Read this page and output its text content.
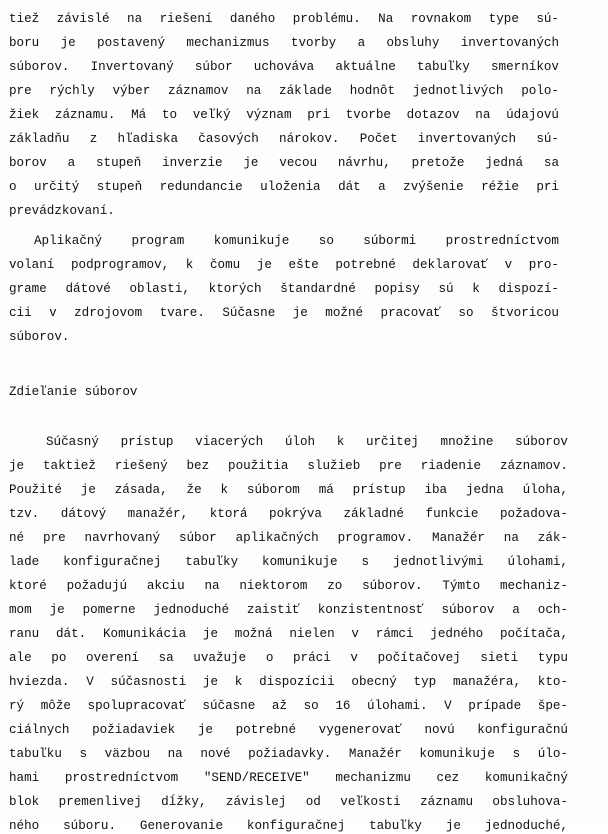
tiež závislé na riešení daného problému. Na rovnakom type sú-
boru je postavený mechanizmus tvorby a obsluhy invertovaných
súborov. Invertovaný súbor uchováva aktuálne tabuľky smerníkov
pre rýchly výber záznamov na základe hodnôt jednotlivých polo-
žiek záznamu. Má to veľký význam pri tvorbe dotazov na údajovú
základňu z hľadiska časových nárokov. Počet invertovaných sú-
borov a stupeň inverzie je vecou návrhu, pretože jedná sa
o určitý stupeň redundancie uloženia dát a zvýšenie réžie pri
prevádzkovaní.
Aplikačný program komunikuje so súbormi prostredníctvom
volaní podprogramov, k čomu je ešte potrebné deklarovať v pro-
grame dátové oblasti, ktorých štandardné popisy sú k dispozí-
cii v zdrojovom tvare. Súčasne je možné pracovať so štvoricou
súborov.
Zdieľanie súborov
Súčasný prístup viacerých úloh k určitej množine súborov
je taktiež riešený bez použitia služieb pre riadenie záznamov.
Použité je zásada, že k súborom má prístup iba jedna úloha,
tzv. dátový manažér, ktorá pokrýva základné funkcie požadova-
né pre navrhovaný súbor aplikačných programov. Manažér na zák-
lade konfiguračnej tabuľky komunikuje s jednotlivými úlohami,
ktoré požadujú akciu na niektorom zo súborov. Týmto mechaniz-
mom je pomerne jednoduché zaistiť konzistentnosť súborov a och-
ranu dát. Komunikácia je možná nielen v rámci jedného počítača,
ale po overení sa uvažuje o práci v počítačovej sieti typu
hviezda. V súčasnosti je k dispozícii obecný typ manažéra, kto-
rý môže spolupracovať súčasne až so 16 úlohami. V prípade špe-
ciálnych požiadaviek je potrebné vygenerovať novú konfiguračnú
tabuľku s väzbou na nové požiadavky. Manažér komunikuje s úlo-
hami prostredníctvom "SEND/RECEIVE" mechanizmu cez komunikačný
blok premenlivej dĺžky, závislej od veľkosti záznamu obsluhova-
ného súboru. Generovanie konfiguračnej tabuľky je jednoduché,
